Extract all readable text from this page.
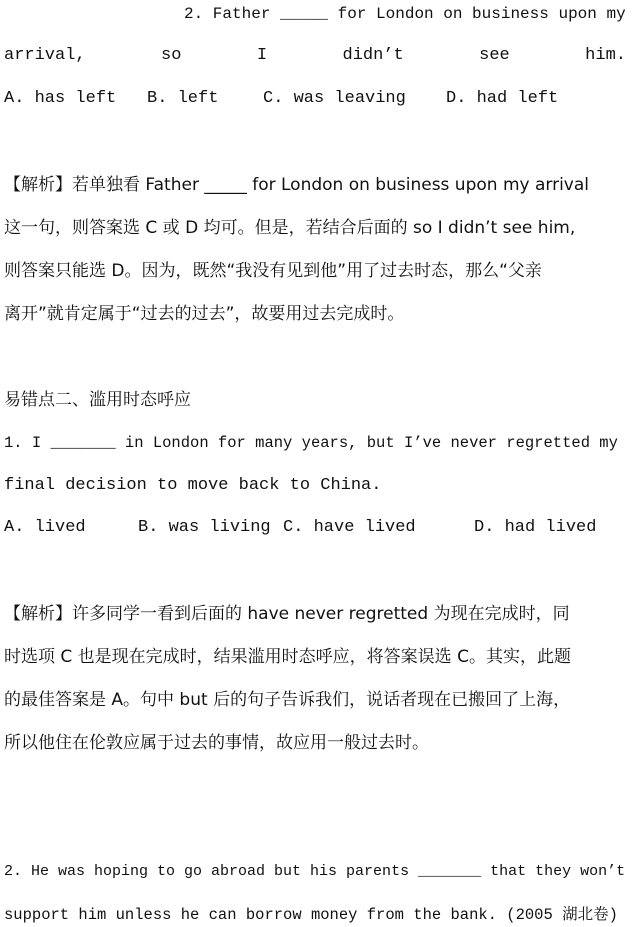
2. Father _____ for London on business upon my
arrival,	so	I	didn’t	see	him.
A. has left	B. left	C. was leaving	D. had left
【解析】若单独看 Father _____ for London on business upon my arrival
这一句，则答案选 C 或 D 均可。但是，若结合后面的 so I didn’t see him,
则答案只能选 D。因为，既然“我没有见到他”用了过去时态，那么“父亲
离开”就肯定属于“过去的过去”，故要用过去完成时。
易错点二、滥用时态呼应
1. I _______ in London for many years, but I’ve never regretted my
final decision to move back to China.
A. lived	B. was living C. have lived	D. had lived
【解析】许多同学一看到后面的 have never regretted 为现在完成时，同
时选项 C 也是现在完成时，结果滥用时态呼应，将答案误选 C。其实，此题
的最佳答案是 A。句中 but 后的句子告诉我们，说话者现在已搬回了上海，
所以他住在伦敦应属于过去的事情，故应用一般过去时。
2. He was hoping to go abroad but his parents _______ that they won’t
support him unless he can borrow money from the bank. (2005 湖北卷)
